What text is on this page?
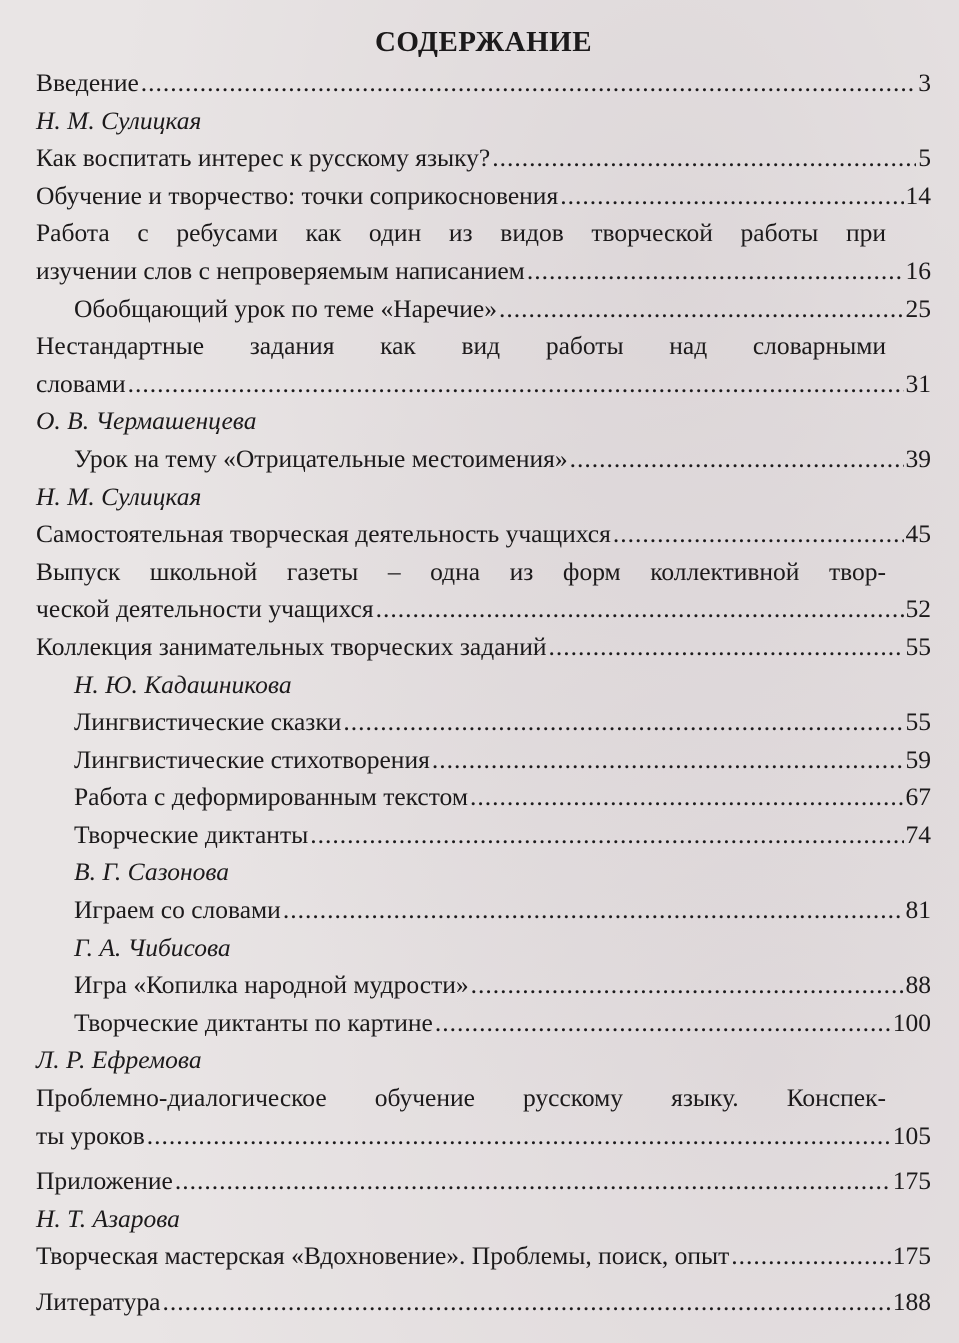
СОДЕРЖАНИЕ
Введение .....	3
Н. М. Сулицкая
Как воспитать интерес к русскому языку? .....	5
Обучение и творчество: точки соприкосновения .....	14
Работа с ребусами как один из видов творческой работы при
изучении слов с непроверяемым написанием .....	16
Обобщающий урок по теме «Наречие» .....	25
Нестандартные задания как вид работы над словарными
словами .....	31
О. В. Чермашенцева
Урок на тему «Отрицательные местоимения» .....	39
Н. М. Сулицкая
Самостоятельная творческая деятельность учащихся .....	45
Выпуск школьной газеты – одна из форм коллективной твор-
ческой деятельности учащихся .....	52
Коллекция занимательных творческих заданий .....	55
Н. Ю. Кадашникова
Лингвистические сказки .....	55
Лингвистические стихотворения .....	59
Работа с деформированным текстом .....	67
Творческие диктанты .....	74
В. Г. Сазонова
Играем со словами .....	81
Г. А. Чибисова
Игра «Копилка народной мудрости» .....	88
Творческие диктанты по картине .....	100
Л. Р. Ефремова
Проблемно-диалогическое обучение русскому языку. Конспек-
ты уроков .....	105
Приложение .....	175
Н. Т. Азарова
Творческая мастерская «Вдохновение». Проблемы, поиск, опыт .....	175
Литература .....	188
